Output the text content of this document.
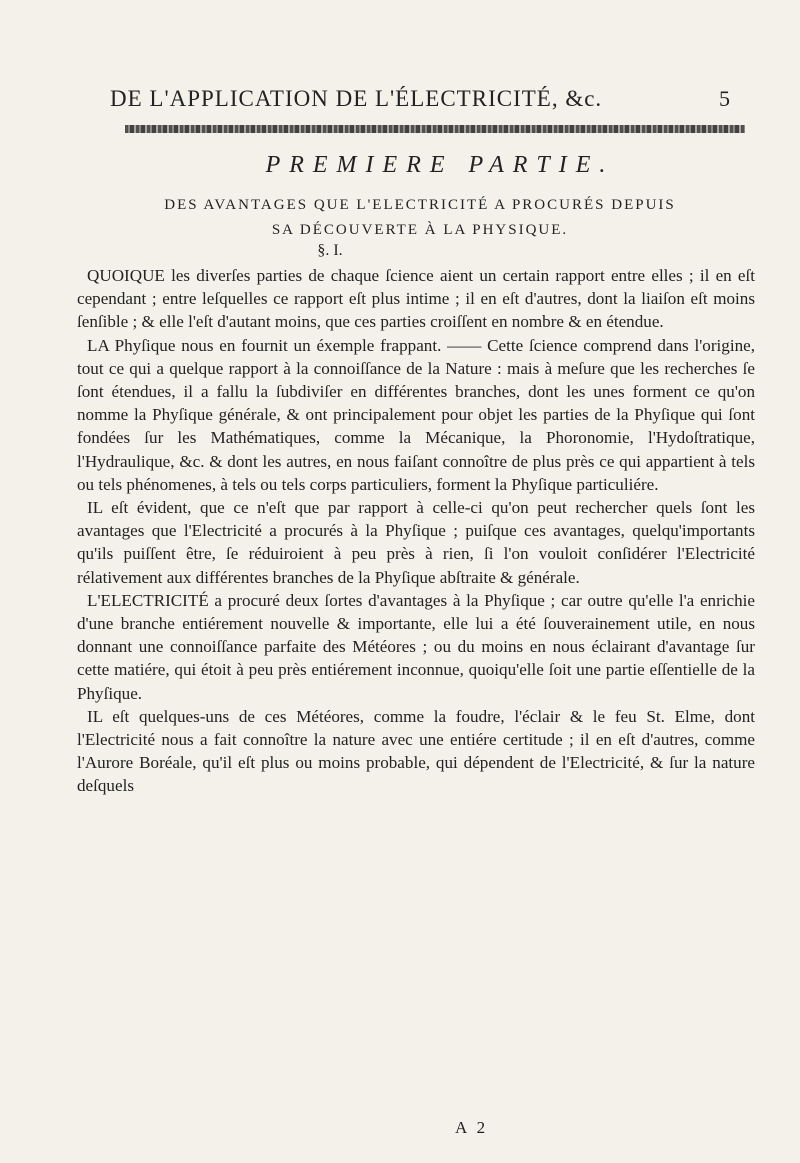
DE L'APPLICATION DE L'ÉLECTRICITÉ, &c.	5
PREMIERE PARTIE.
DES AVANTAGES QUE L'ELECTRICITÉ A PROCURÉS DEPUIS
SA DÉCOUVERTE À LA PHYSIQUE.
§. I.

QUOIQUE les diverſes parties de chaque ſcience aient un certain rapport entre elles ; il en eſt cependant ; entre leſquelles ce rapport eſt plus intime ; il en eſt d'autres, dont la liaiſon eſt moins ſenſible ; & elle l'eſt d'autant moins, que ces parties croiſſent en nombre & en étendue.

LA Phyſique nous en fournit un éxemple frappant. —— Cette ſcience comprend dans l'origine, tout ce qui a quelque rapport à la connoiſſance de la Nature : mais à meſure que les recherches ſe ſont étendues, il a fallu la ſubdiviſer en différentes branches, dont les unes forment ce qu'on nomme la Phyſique générale, & ont principalement pour objet les parties de la Phyſique qui ſont fondées ſur les Mathématiques, comme la Mécanique, la Phoronomie, l'Hydoſtratique, l'Hydraulique, &c. & dont les autres, en nous faiſant connoître de plus près ce qui appartient à tels ou tels phénomenes, à tels ou tels corps particuliers, forment la Phyſique particuliére.

IL eſt évident, que ce n'eſt que par rapport à celle-ci qu'on peut rechercher quels ſont les avantages que l'Electricité a procurés à la Phyſique ; puiſque ces avantages, quelqu'importants qu'ils puiſſent être, ſe réduiroient à peu près à rien, ſi l'on vouloit conſidérer l'Electricité rélativement aux différentes branches de la Phyſique abſtraite & générale.

L'ELECTRICITÉ a procuré deux ſortes d'avantages à la Phyſique ; car outre qu'elle l'a enrichie d'une branche entiérement nouvelle & importante, elle lui a été ſouverainement utile, en nous donnant une connoiſſance parfaite des Météores ; ou du moins en nous éclairant d'avantage ſur cette matiére, qui étoit à peu près entiérement inconnue, quoiqu'elle ſoit une partie eſſentielle de la Phyſique.

IL eſt quelques-uns de ces Météores, comme la foudre, l'éclair & le feu St. Elme, dont l'Electricité nous a fait connoître la nature avec une entiére certitude ; il en eſt d'autres, comme l'Aurore Boréale, qu'il eſt plus ou moins probable, qui dépendent de l'Electricité, & ſur la nature deſquels

A 2
